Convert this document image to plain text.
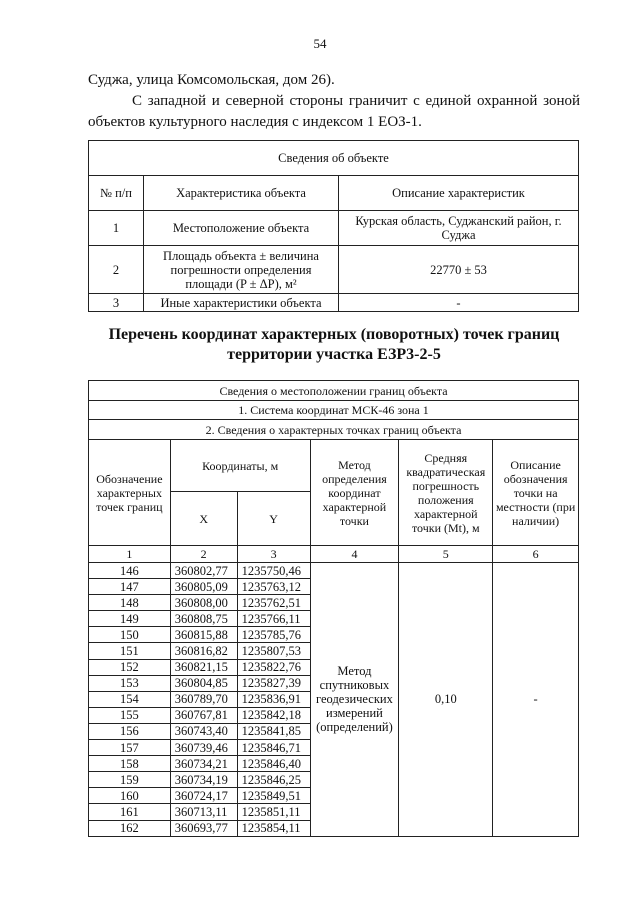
54
Суджа, улица Комсомольская, дом 26).
С западной и северной стороны граничит с единой охранной зоной объектов культурного наследия с индексом 1 ЕОЗ-1.
Сведения об объекте		
№ п/п	Характеристика объекта	Описание характеристик
1	Местоположение объекта	Курская область, Суджанский район, г. Суджа
2	Площадь объекта ± величина погрешности определения площади (P ± ΔP), м²	22770 ± 53
3	Иные характеристики объекта	-
Перечень координат характерных (поворотных) точек границ территории участка ЕЗР3-2-5
Сведения о местоположении границ объекта					
1. Система координат МСК-46 зона 1					
2. Сведения о характерных точках границ объекта					
Обозначение характерных точек границ	Координаты, м		Метод определения координат характерной точки	Средняя квадратическая погрешность положения характерной точки (Mt), м	Описание обозначения точки на местности (при наличии)
	X	Y			
1	2	3	4	5	6
146	360802,77	1235750,46	Метод спутниковых геодезических измерений (определений)	0,10	-
147	360805,09	1235763,12			
148	360808,00	1235762,51			
149	360808,75	1235766,11			
150	360815,88	1235785,76			
151	360816,82	1235807,53			
152	360821,15	1235822,76			
153	360804,85	1235827,39			
154	360789,70	1235836,91			
155	360767,81	1235842,18			
156	360743,40	1235841,85			
157	360739,46	1235846,71			
158	360734,21	1235846,40			
159	360734,19	1235846,25			
160	360724,17	1235849,51			
161	360713,11	1235851,11			
162	360693,77	1235854,11			
